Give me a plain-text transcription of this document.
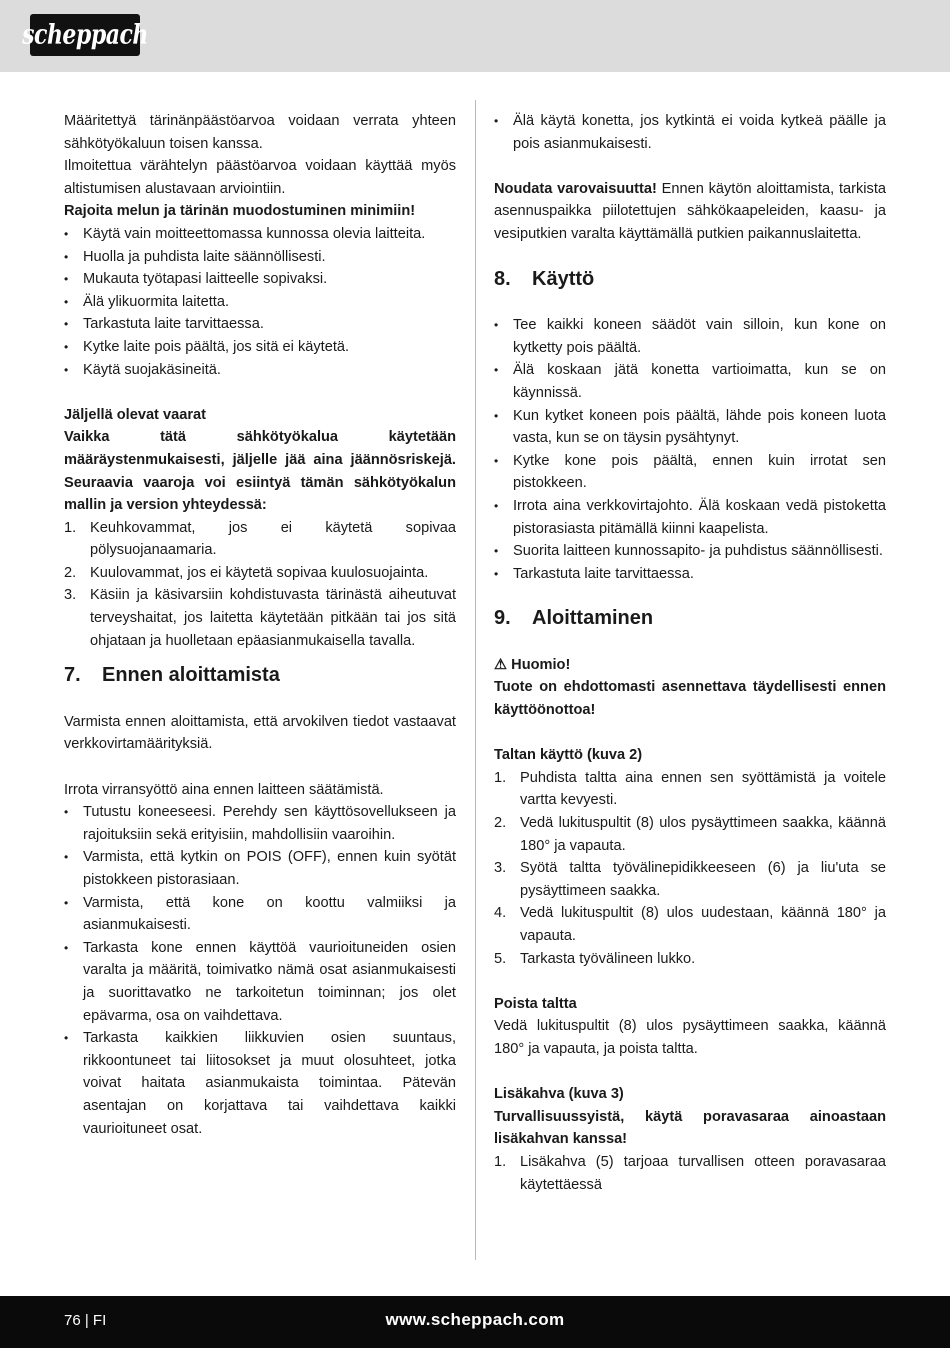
scheppach

Määritettyä tärinänpäästöarvoa voidaan verrata yhteen sähkötyökaluun toisen kanssa.

Ilmoitettua värähtelyn päästöarvoa voidaan käyttää myös altistumisen alustavaan arviointiin.

Rajoita melun ja tärinän muodostuminen minimiin!

• Käytä vain moitteettomassa kunnossa olevia laitteita.
• Huolla ja puhdista laite säännöllisesti.
• Mukauta työtapasi laitteelle sopivaksi.
• Älä ylikuormita laitetta.
• Tarkastuta laite tarvittaessa.
• Kytke laite pois päältä, jos sitä ei käytetä.
• Käytä suojakäsineitä.

Jäljellä olevat vaarat

Vaikka tätä sähkötyökalua käytetään määräystenmukaisesti, jäljelle jää aina jäännösriskejä. Seuraavia vaaroja voi esiintyä tämän sähkötyökalun mallin ja version yhteydessä:

1. Keuhkovammat, jos ei käytetä sopivaa pölysuojanaamaria.
2. Kuulovammat, jos ei käytetä sopivaa kuulosuojainta.
3. Käsiin ja käsivarsiin kohdistuvasta tärinästä aiheutuvat terveyshaitat, jos laitetta käytetään pitkään tai jos sitä ohjataan ja huolletaan epäasianmukaisella tavalla.
7.	Ennen aloittamista

Varmista ennen aloittamista, että arvokilven tiedot vastaavat verkkovirtamäärityksiä.

Irrota virransyöttö aina ennen laitteen säätämistä.

• Tutustu koneeseesi. Perehdy sen käyttösovellukseen ja rajoituksiin sekä erityisiin, mahdollisiin vaaroihin.
• Varmista, että kytkin on POIS (OFF), ennen kuin syötät pistokkeen pistorasiaan.
• Varmista, että kone on koottu valmiiksi ja asianmukaisesti.
• Tarkasta kone ennen käyttöä vaurioituneiden osien varalta ja määritä, toimivatko nämä osat asianmukaisesti ja suorittavatko ne tarkoitetun toiminnan; jos olet epävarma, osa on vaihdettava.
• Tarkasta kaikkien liikkuvien osien suuntaus, rikkoontuneet tai liitosokset ja muut olosuhteet, jotka voivat haitata asianmukaista toimintaa. Pätevän asentajan on korjattava tai vaihdettava kaikki vaurioituneet osat.
• Älä käytä konetta, jos kytkintä ei voida kytkeä päälle ja pois asianmukaisesti.

Noudata varovaisuutta! Ennen käytön aloittamista, tarkista asennuspaikka piilotettujen sähkökaapeleiden, kaasu- ja vesiputkien varalta käyttämällä putkien paikannuslaitetta.

8.	Käyttö
• Tee kaikki koneen säädöt vain silloin, kun kone on kytketty pois päältä.
• Älä koskaan jätä konetta vartioimatta, kun se on käynnissä.
• Kun kytket koneen pois päältä, lähde pois koneen luota vasta, kun se on täysin pysähtynyt.
• Kytke kone pois päältä, ennen kuin irrotat sen pistokkeen.
• Irrota aina verkkovirtajohto. Älä koskaan vedä pistoketta pistorasiasta pitämällä kiinni kaapelista.
• Suorita laitteen kunnossapito- ja puhdistus säännöllisesti.
• Tarkastuta laite tarvittaessa.
9.	Aloittaminen

⚠ Huomio!

Tuote on ehdottomasti asennettava täydellisesti ennen käyttöönottoa!

Taltan käyttö (kuva 2)

1. Puhdista taltta aina ennen sen syöttämistä ja voitele vartta kevyesti.
2. Vedä lukituspultit (8) ulos pysäyttimeen saakka, käännä 180° ja vapauta.
3. Syötä taltta työvälinepidikkeeseen (6) ja liu'uta se pysäyttimeen saakka.
4. Vedä lukituspultit (8) ulos uudestaan, käännä 180° ja vapauta.
5. Tarkasta työvälineen lukko.

Poista taltta

Vedä lukituspultit (8) ulos pysäyttimeen saakka, käännä 180° ja vapauta, ja poista taltta.

Lisäkahva (kuva 3)

Turvallisuussyistä, käytä poravasaraa ainoastaan lisäkahvan kanssa!

1. Lisäkahva (5) tarjoaa turvallisen otteen poravasaraa käytettäessä
76 | FI	www.scheppach.com
